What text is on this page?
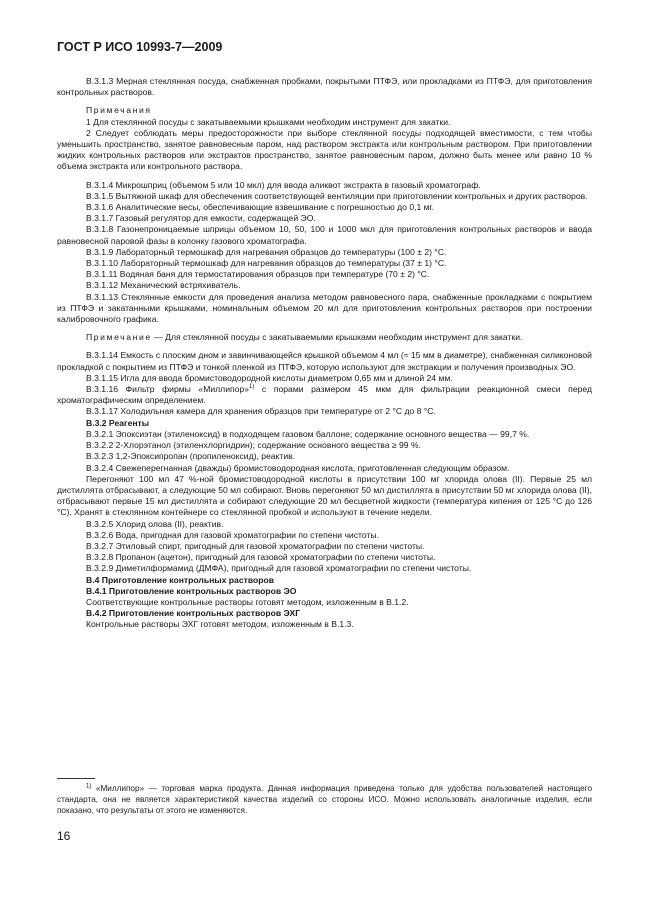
ГОСТ Р ИСО 10993-7—2009

В.3.1.3 Мерная стеклянная посуда, снабженная пробками, покрытыми ПТФЭ, или прокладками из ПТФЭ, для приготовления контрольных растворов.

Примечания

1 Для стеклянной посуды с закатываемыми крышками необходим инструмент для закатки.

2 Следует соблюдать меры предосторожности при выборе стеклянной посуды подходящей вместимости, с тем чтобы уменьшить пространство, занятое равновесным паром, над раствором экстракта или контрольным раствором. При приготовлении жидких контрольных растворов или экстрактов пространство, занятое равновесным паром, должно быть менее или равно 10 % объема экстракта или контрольного раствора.

В.3.1.4 Микрошприц (объемом 5 или 10 мкл) для ввода аликвот экстракта в газовый хроматограф.

В.3.1.5 Вытяжной шкаф для обеспечения соответствующей вентиляции при приготовлении контрольных и других растворов.

В.3.1.6 Аналитические весы, обеспечивающие взвешивание с погрешностью до 0,1 мг.

В.3.1.7 Газовый регулятор для емкости, содержащей ЭО.

В.3.1.8 Газонепроницаемые шприцы объемом 10, 50, 100 и 1000 мкл для приготовления контрольных растворов и ввода равновесной паровой фазы в колонку газового хроматографа.

В.3.1.9 Лабораторный термошкаф для нагревания образцов до температуры (100 ± 2) °С.

В.3.1.10 Лабораторный термошкаф для нагревания образцов до температуры (37 ± 1) °С.

В.3.1.11 Водяная баня для термостатирования образцов при температуре (70 ± 2) °С.

В.3.1.12 Механический встряхиватель.

В.3.1.13 Стеклянные емкости для проведения анализа методом равновесного пара, снабженные прокладками с покрытием из ПТФЭ и закатанными крышками, номинальным объемом 20 мл для приготовления контрольных растворов при построении калибровочного графика.

Примечание — Для стеклянной посуды с закатываемыми крышками необходим инструмент для закатки.

В.3.1.14 Емкость с плоским дном и завинчивающейся крышкой объемом 4 мл (≈ 15 мм в диаметре), снабженная силиконовой прокладкой с покрытием из ПТФЭ и тонкой пленкой из ПТФЭ, которую используют для экстракции и получения производных ЭО.

В.3.1.15 Игла для ввода бромистоводородной кислоты диаметром 0,65 мм и длиной 24 мм.

В.3.1.16 Фильтр фирмы «Миллипор»$^{1)}$ с порами размером 45 мкм для фильтрации реакционной смеси перед хроматографическим определением.

В.3.1.17 Холодильная камера для хранения образцов при температуре от 2 °С до 8 °С.

В.3.2 Реагенты

В.3.2.1 Эпоксиэтан (этиленоксид) в подходящем газовом баллоне; содержание основного вещества — 99,7 %.

В.3.2.2 2-Хлорэтанол (этиленхлоргидрин); содержание основного вещества ≥ 99 %.

В.3.2.3 1,2-Эпоксипропан (пропиленоксид), реактив.

В.3.2.4 Свежеперегнанная (дважды) бромистоводородная кислота, приготовленная следующим образом.

Перегоняют 100 мл 47 %-ной бромистоводородной кислоты в присутствии 100 мг хлорида олова (II). Первые 25 мл дистиллята отбрасывают, а следующие 50 мл собирают. Вновь перегоняют 50 мл дистиллята в присутствии 50 мг хлорида олова (II), отбрасывают первые 15 мл дистиллята и собирают следующие 20 мл бесцветной жидкости (температура кипения от 125 °С до 126 °С). Хранят в стеклянном контейнере со стеклянной пробкой и используют в течение недели.

В.3.2.5 Хлорид олова (II), реактив.

В.3.2.6 Вода, пригодная для газовой хроматографии по степени чистоты.

В.3.2.7 Этиловый спирт, пригодный для газовой хроматографии по степени чистоты.

В.3.2.8 Пропанон (ацетон), пригодный для газовой хроматографии по степени чистоты.

В.3.2.9 Диметилформамид (ДМФА), пригодный для газовой хроматографии по степени чистоты.

В.4 Приготовление контрольных растворов

В.4.1 Приготовление контрольных растворов ЭО

Соответствующие контрольные растворы готовят методом, изложенным в В.1.2.

В.4.2 Приготовление контрольных растворов ЭХГ

Контрольные растворы ЭХГ готовят методом, изложенным в В.1.3.

$^{1)}$ «Миллипор» — торговая марка продукта. Данная информация приведена только для удобства пользователей настоящего стандарта, она не является характеристикой качества изделий со стороны ИСО. Можно использовать аналогичные изделия, если показано, что результаты от этого не изменяются.

16
